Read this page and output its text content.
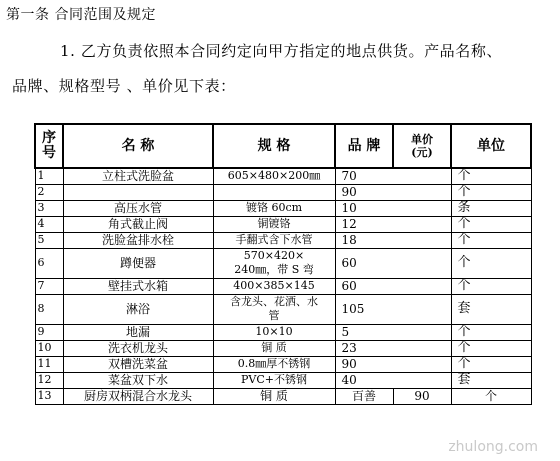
第一条 合同范围及规定
1. 乙方负责依照本合同约定向甲方指定的地点供货。产品名称、
品牌、规格型号 、单价见下表：
序号	名 称	规 格	品 牌	单价
(元)	单位
1	立柱式洗脸盆	605×480×200㎜	70		个
2			90		个
3	高压水管	镀铬 60cm	10		条
4	角式截止阀	铜镀铬	12		个
5	洗脸盆排水栓	手翻式含下水管	18		个
6	蹲便器	570×420×
240㎜，带 S 弯	60		个
7	壁挂式水箱	400×385×145	60		个
8	淋浴	含龙头、花洒、水
管	105		套
9	地漏	10×10	5		个
10	洗衣机龙头	铜 质	23		个
11	双槽洗菜盆	0.8㎜厚不锈钢	90		个
12	菜盆双下水	PVC+不锈钢	40		套
13	厨房双柄混合水龙头	铜 质	百善	90	个
zhulong.com
